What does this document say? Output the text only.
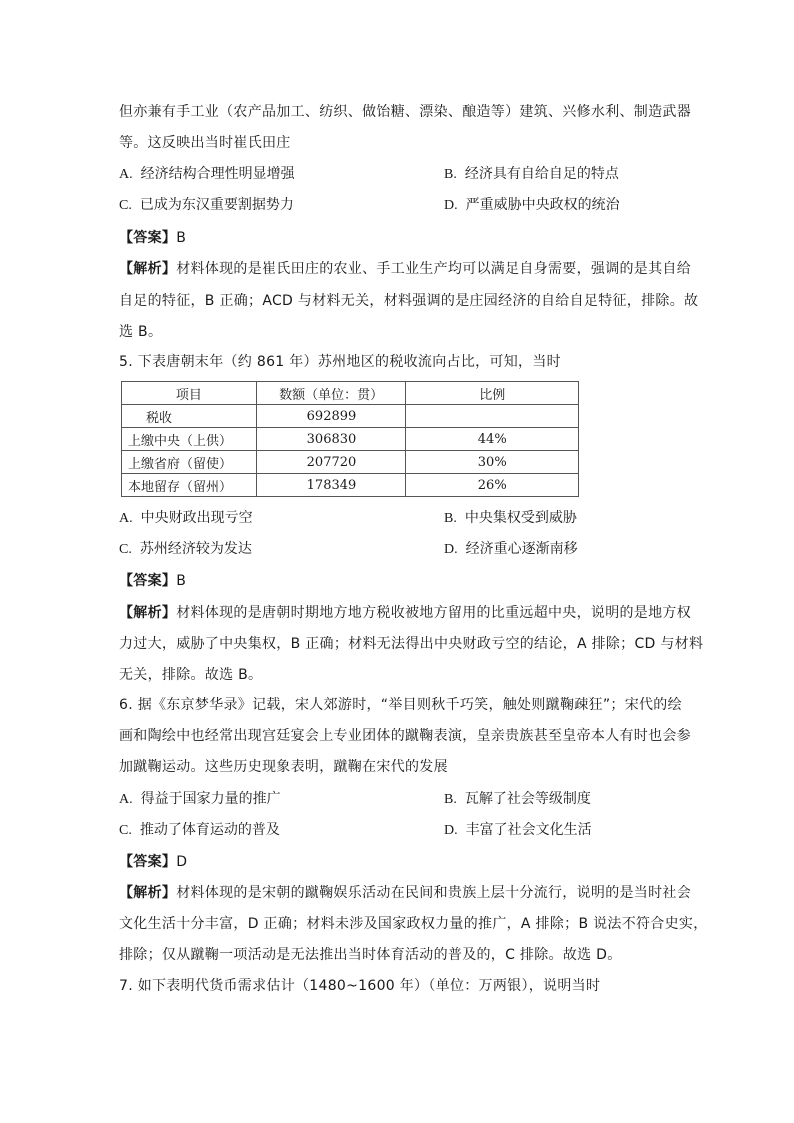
但亦兼有手工业（农产品加工、纺织、做饴糖、漂染、酿造等）建筑、兴修水利、制造武器
等。这反映出当时崔氏田庄
A. 经济结构合理性明显增强	B. 经济具有自给自足的特点
C. 已成为东汉重要割据势力	D. 严重威胁中央政权的统治
【答案】B
【解析】材料体现的是崔氏田庄的农业、手工业生产均可以满足自身需要，强调的是其自给
自足的特征，B 正确；ACD 与材料无关，材料强调的是庄园经济的自给自足特征，排除。故
选 B。
5. 下表唐朝末年（约 861 年）苏州地区的税收流向占比，可知，当时
项目	数额（单位：贯）	比例
税收	692899	
上缴中央（上供）	306830	44%
上缴省府（留使）	207720	30%
本地留存（留州）	178349	26%
A. 中央财政出现亏空	B. 中央集权受到威胁
C. 苏州经济较为发达	D. 经济重心逐渐南移
【答案】B
【解析】材料体现的是唐朝时期地方地方税收被地方留用的比重远超中央，说明的是地方权
力过大，威胁了中央集权，B 正确；材料无法得出中央财政亏空的结论，A 排除；CD 与材料
无关，排除。故选 B。
6. 据《东京梦华录》记载，宋人郊游时，“举目则秋千巧笑，触处则蹴鞠疎狂”；宋代的绘
画和陶绘中也经常出现宫廷宴会上专业团体的蹴鞠表演，皇亲贵族甚至皇帝本人有时也会参
加蹴鞠运动。这些历史现象表明，蹴鞠在宋代的发展
A. 得益于国家力量的推广	B. 瓦解了社会等级制度
C. 推动了体育运动的普及	D. 丰富了社会文化生活
【答案】D
【解析】材料体现的是宋朝的蹴鞠娱乐活动在民间和贵族上层十分流行，说明的是当时社会
文化生活十分丰富，D 正确；材料未涉及国家政权力量的推广，A 排除；B 说法不符合史实，
排除；仅从蹴鞠一项活动是无法推出当时体育活动的普及的，C 排除。故选 D。
7. 如下表明代货币需求估计（1480~1600 年）（单位：万两银），说明当时
